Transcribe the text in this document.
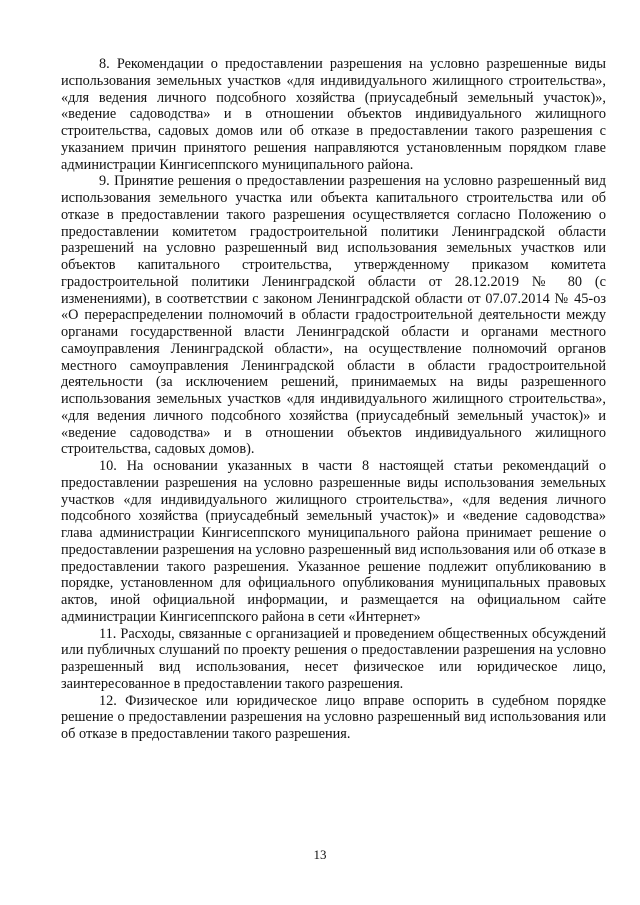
8. Рекомендации о предоставлении разрешения на условно разрешенные виды использования земельных участков «для индивидуального жилищного строительства», «для ведения личного подсобного хозяйства (приусадебный земельный участок)», «ведение садоводства» и в отношении объектов индивидуального жилищного строительства, садовых домов или об отказе в предоставлении такого разрешения с указанием причин принятого решения направляются установленным порядком главе администрации Кингисеппского муниципального района.

9. Принятие решения о предоставлении разрешения на условно разрешенный вид использования земельного участка или объекта капитального строительства или об отказе в предоставлении такого разрешения осуществляется согласно Положению о предоставлении комитетом градостроительной политики Ленинградской области разрешений на условно разрешенный вид использования земельных участков или объектов капитального строительства, утвержденному приказом комитета градостроительной политики Ленинградской области от 28.12.2019 № 80 (с изменениями), в соответствии с законом Ленинградской области от 07.07.2014 № 45-оз «О перераспределении полномочий в области градостроительной деятельности между органами государственной власти Ленинградской области и органами местного самоуправления Ленинградской области», на осуществление полномочий органов местного самоуправления Ленинградской области в области градостроительной деятельности (за исключением решений, принимаемых на виды разрешенного использования земельных участков «для индивидуального жилищного строительства», «для ведения личного подсобного хозяйства (приусадебный земельный участок)» и «ведение садоводства» и в отношении объектов индивидуального жилищного строительства, садовых домов).

10. На основании указанных в части 8 настоящей статьи рекомендаций о предоставлении разрешения на условно разрешенные виды использования земельных участков «для индивидуального жилищного строительства», «для ведения личного подсобного хозяйства (приусадебный земельный участок)» и «ведение садоводства» глава администрации Кингисеппского муниципального района принимает решение о предоставлении разрешения на условно разрешенный вид использования или об отказе в предоставлении такого разрешения. Указанное решение подлежит опубликованию в порядке, установленном для официального опубликования муниципальных правовых актов, иной официальной информации, и размещается на официальном сайте администрации Кингисеппского района в сети «Интернет»

11. Расходы, связанные с организацией и проведением общественных обсуждений или публичных слушаний по проекту решения о предоставлении разрешения на условно разрешенный вид использования, несет физическое или юридическое лицо, заинтересованное в предоставлении такого разрешения.

12. Физическое или юридическое лицо вправе оспорить в судебном порядке решение о предоставлении разрешения на условно разрешенный вид использования или об отказе в предоставлении такого разрешения.

13
